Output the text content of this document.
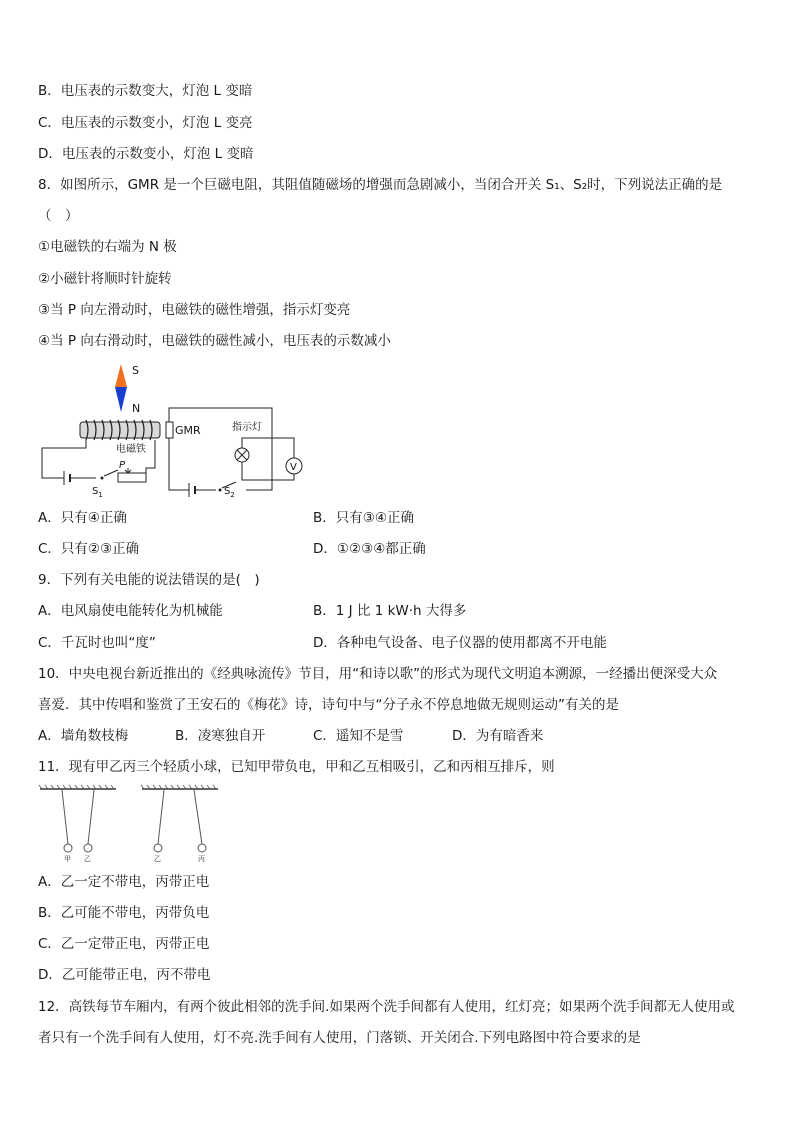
B．电压表的示数变大，灯泡 L 变暗
C．电压表的示数变小，灯泡 L 变亮
D．电压表的示数变小，灯泡 L 变暗
8．如图所示，GMR 是一个巨磁电阻，其阻值随磁场的增强而急剧减小，当闭合开关 S₁、S₂时，下列说法正确的是
（　）
①电磁铁的右端为 N 极
②小磁针将顺时针旋转
③当 P 向左滑动时，电磁铁的磁性增强，指示灯变亮
④当 P 向右滑动时，电磁铁的磁性减小，电压表的示数减小
S
N
电磁铁
$S_1$
P
GMR
$S_2$
指示灯
V
A．只有④正确	B．只有③④正确
C．只有②③正确	D．①②③④都正确
9．下列有关电能的说法错误的是(　)
A．电风扇使电能转化为机械能	B．1 J 比 1 kW·h 大得多
C．千瓦时也叫“度”	D．各种电气设备、电子仪器的使用都离不开电能
10．中央电视台新近推出的《经典咏流传》节目，用“和诗以歌”的形式为现代文明追本溯源，一经播出便深受大众
喜爱．其中传唱和鉴赏了王安石的《梅花》诗，诗句中与“分子永不停息地做无规则运动”有关的是
A．墙角数枝梅	B．凌寒独自开	C．遥知不是雪	D．为有暗香来
11．现有甲乙丙三个轻质小球，已知甲带负电，甲和乙互相吸引，乙和丙相互排斥，则
甲 乙	乙	丙
A．乙一定不带电，丙带正电
B．乙可能不带电，丙带负电
C．乙一定带正电，丙带正电
D．乙可能带正电，丙不带电
12．高铁每节车厢内，有两个彼此相邻的洗手间.如果两个洗手间都有人使用，红灯亮；如果两个洗手间都无人使用或
者只有一个洗手间有人使用，灯不亮.洗手间有人使用，门落锁、开关闭合.下列电路图中符合要求的是
